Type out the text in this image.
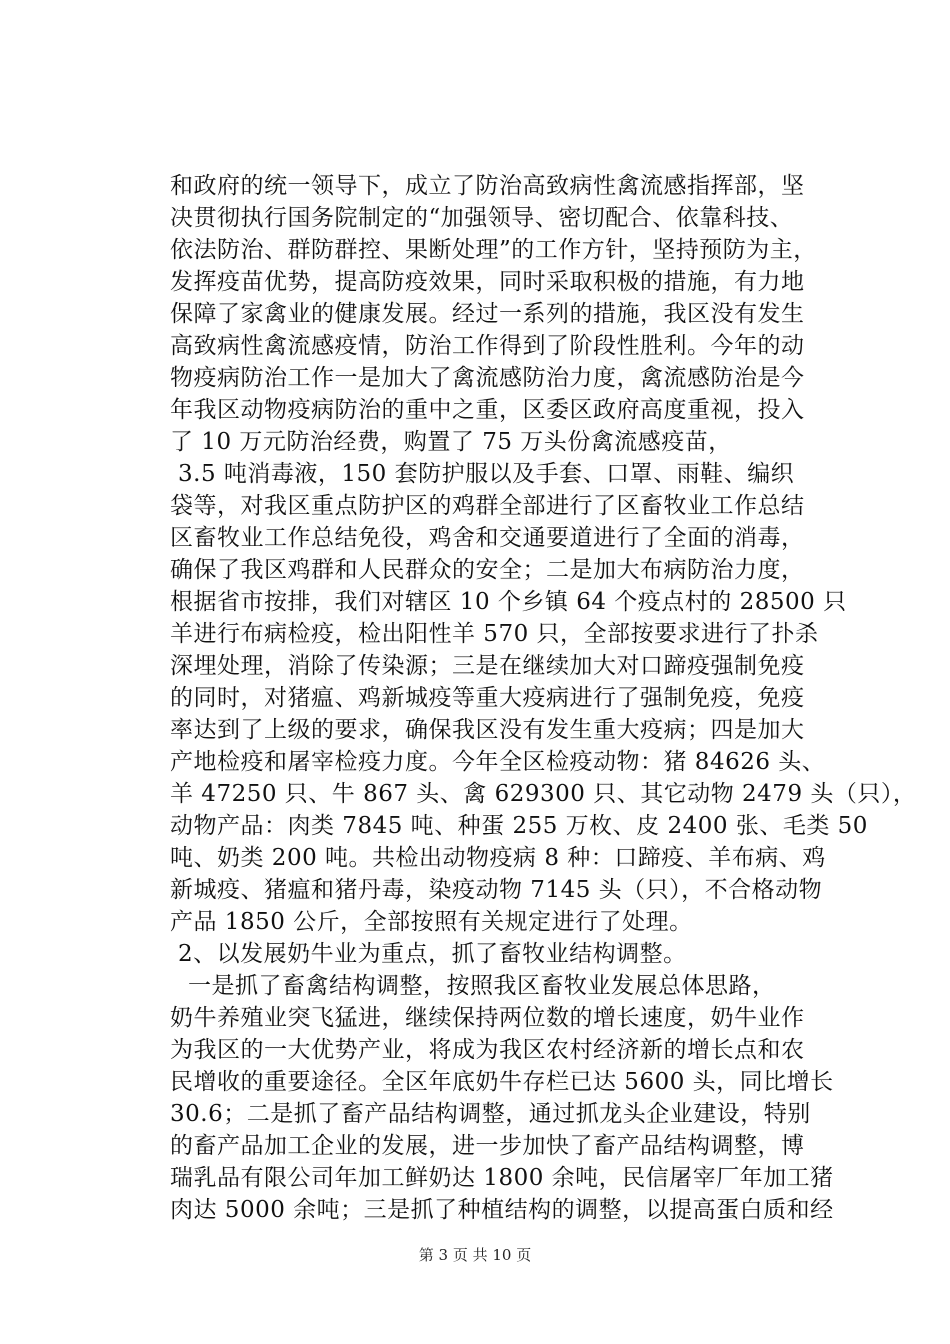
和政府的统一领导下，成立了防治高致病性禽流感指挥部，坚
决贯彻执行国务院制定的“加强领导、密切配合、依靠科技、
依法防治、群防群控、果断处理”的工作方针，坚持预防为主，
发挥疫苗优势，提高防疫效果，同时采取积极的措施，有力地
保障了家禽业的健康发展。经过一系列的措施，我区没有发生
高致病性禽流感疫情，防治工作得到了阶段性胜利。今年的动
物疫病防治工作一是加大了禽流感防治力度，禽流感防治是今
年我区动物疫病防治的重中之重，区委区政府高度重视，投入
了 10 万元防治经费，购置了 75 万头份禽流感疫苗，
3.5 吨消毒液，150 套防护服以及手套、口罩、雨鞋、编织
袋等，对我区重点防护区的鸡群全部进行了区畜牧业工作总结
区畜牧业工作总结免役，鸡舍和交通要道进行了全面的消毒，
确保了我区鸡群和人民群众的安全；二是加大布病防治力度，
根据省市按排，我们对辖区 10 个乡镇 64 个疫点村的 28500 只
羊进行布病检疫，检出阳性羊 570 只，全部按要求进行了扑杀
深埋处理，消除了传染源；三是在继续加大对口蹄疫强制免疫
的同时，对猪瘟、鸡新城疫等重大疫病进行了强制免疫，免疫
率达到了上级的要求，确保我区没有发生重大疫病；四是加大
产地检疫和屠宰检疫力度。今年全区检疫动物：猪 84626 头、
羊 47250 只、牛 867 头、禽 629300 只、其它动物 2479 头（只），
动物产品：肉类 7845 吨、种蛋 255 万枚、皮 2400 张、毛类 50
吨、奶类 200 吨。共检出动物疫病 8 种：口蹄疫、羊布病、鸡
新城疫、猪瘟和猪丹毒，染疫动物 7145 头（只），不合格动物
产品 1850 公斤，全部按照有关规定进行了处理。
2、以发展奶牛业为重点，抓了畜牧业结构调整。
一是抓了畜禽结构调整，按照我区畜牧业发展总体思路，
奶牛养殖业突飞猛进，继续保持两位数的增长速度，奶牛业作
为我区的一大优势产业，将成为我区农村经济新的增长点和农
民增收的重要途径。全区年底奶牛存栏已达 5600 头，同比增长
30.6；二是抓了畜产品结构调整，通过抓龙头企业建设，特别
的畜产品加工企业的发展，进一步加快了畜产品结构调整，博
瑞乳品有限公司年加工鲜奶达 1800 余吨，民信屠宰厂年加工猪
肉达 5000 余吨；三是抓了种植结构的调整，以提高蛋白质和经
第 3 页 共 10 页
